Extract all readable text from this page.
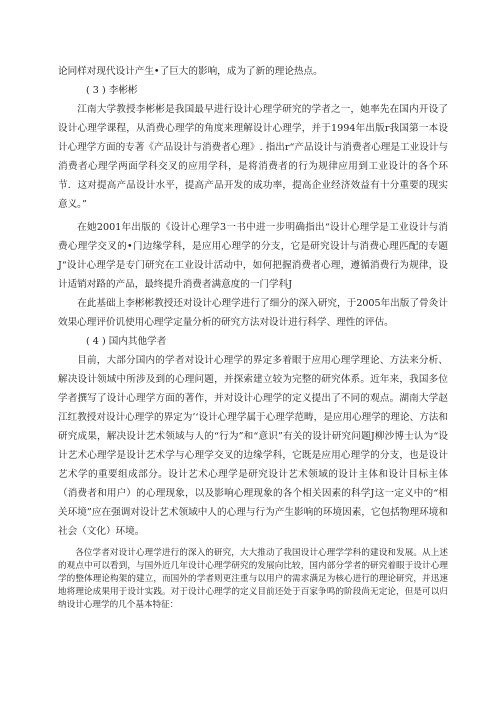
论同样对现代设计产生•了巨大的影响，成为了新的理论热点。

( 3 ) 李彬彬

江南大学教授李彬彬是我国最早进行设计心理学研究的学者之一，她率先在国内开设了设计心理学课程，从消费心理学的角度来理解设计心理学，并于1994年出版r我国第一本设计心理学方面的专著《产品设计与消费者心理》. 指出r“产品设计与消费者心理是工业设计与消费者心理学两面学科交叉的应用学科，是将消费者的行为规律应用到工业设计的各个环节．这对提高产品设计水平，提高产品开发的成功率，提高企业经济效益有十分重要的现实意义。”

在她2001年出版的《设计心理学3一书中进一步明确指出“设计心理学是工业设计与消费心理学交叉的•门边缘学科，是应用心理学的分支，它是研究设计与消费心理匹配的专题J“设计心理学是专门研究在工业设计活动中，如何把握消费者心理，遵循消费行为规律，设计适销对路的产品，最终提升消费者满意度的一门学科J

在此基础上李彬彬教授还对设计心理学进行了细分的深入研究，于2005年出版了骨灸计效果心理评价讥使用心理学定量分析的研究方法对设计进行科学、理性的评估。

( 4 ) 国内其他学者

目前，大部分国内的学者对设计心理学的界定多着眼于应用心理学理论、方法来分析、解决设计领域中所涉及到的心理问题，并探索建立较为完整的研究体系。近年来，我国多位学者撰写了设计心理学方面的著作，并对设计心理学的定义提出了不同的观点。湖南大学赵江红教授对设计心理学的界定为’‘设计心理学属于心理学范畴，是应用心理学的理论、方法和研究成果，解决设计艺术领域与人的“行为”和“意识”有关的设计研究问题J柳沙博士认为“设计艺术心理学是设计艺术学与心理学交叉的边缘学科，它既是应用心理学的分支，也是设计艺术学的重要组成部分。设计艺术心理学是研究设计艺术领域的设计主体和设计目标主体（消费者和用户）的心理现象，以及影响心理现象的各个相关因素的科学J这一定义中的“相关环境”应在强调对设计艺术领域中人的心理与行为产生影响的环境因素，它包括物理环境和社会（文化）环境。

各位学者对设计心理学进行的深入的研究，大大推动了我国设计心理学学科的建设和发展。从上述的观点中可以看到，与国外近几年设计心理学研究的发展向比较，国内部分学者的研究着眼于设计心理学的整体理论构架的建立，而国外的学者则更注重与以用户的需求满足为核心进行的理论研究，并迅速地将理论成果用于设计实践。对于设计心理学的定义目前还处于百家争鸣的阶段尚无定论，但是可以归纳设计心理学的几个基本特征：
